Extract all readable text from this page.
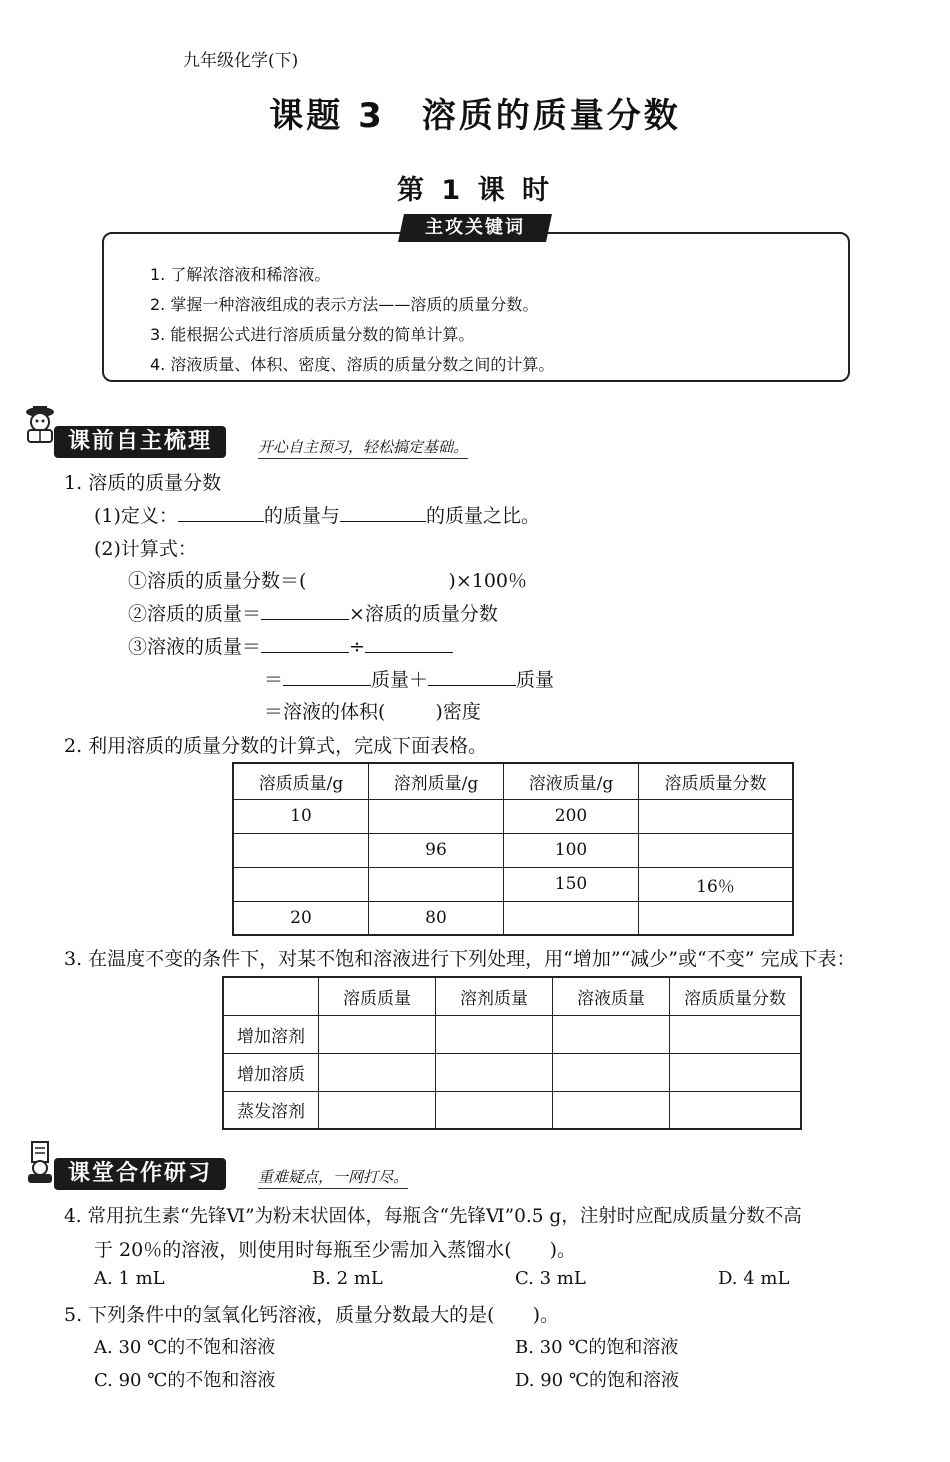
九年级化学(下)
课题 3　溶质的质量分数
第 1 课 时
主攻关键词
1. 了解浓溶液和稀溶液。
2. 掌握一种溶液组成的表示方法——溶质的质量分数。
3. 能根据公式进行溶质质量分数的简单计算。
4. 溶液质量、体积、密度、溶质的质量分数之间的计算。
课前自主梳理	开心自主预习，轻松搞定基础。
1. 溶质的质量分数
(1)定义：	的质量与	的质量之比。
(2)计算式：
①溶质的质量分数＝(	)×100％
②溶质的质量＝	×溶质的质量分数
③溶液的质量＝	÷
＝	质量＋	质量
＝溶液的体积(	)密度
2. 利用溶质的质量分数的计算式，完成下面表格。
溶质质量/g	溶剂质量/g	溶液质量/g	溶质质量分数
10		200	
	96	100	
		150	16％
20	80		
3. 在温度不变的条件下，对某不饱和溶液进行下列处理，用“增加”“减少”或“不变” 完成下表：
	溶质质量	溶剂质量	溶液质量	溶质质量分数
增加溶剂				
增加溶质				
蒸发溶剂				
课堂合作研习	重难疑点，一网打尽。
4. 常用抗生素“先锋Ⅵ”为粉末状固体，每瓶含“先锋Ⅵ”0.5 g，注射时应配成质量分数不高
于 20％的溶液，则使用时每瓶至少需加入蒸馏水(　　)。
A. 1 mL	B. 2 mL	C. 3 mL	D. 4 mL
5. 下列条件中的氢氧化钙溶液，质量分数最大的是(　　)。
A. 30 ℃的不饱和溶液	B. 30 ℃的饱和溶液
C. 90 ℃的不饱和溶液	D. 90 ℃的饱和溶液
